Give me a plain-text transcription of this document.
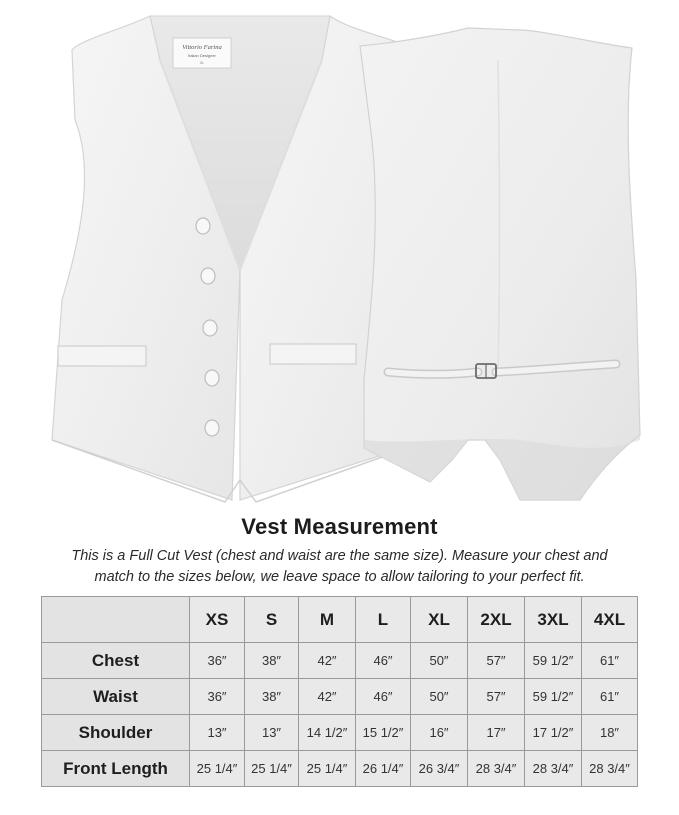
Vittorio Farina
Italian Designer
XL
Vest Measurement
This is a Full Cut Vest (chest and waist are the same size). Measure your chest and
match to the sizes below, we leave space to allow tailoring to your perfect fit.
	XS	S	M	L	XL	2XL	3XL	4XL
Chest	36″	38″	42″	46″	50″	57″	59 1/2″	61″
Waist	36″	38″	42″	46″	50″	57″	59 1/2″	61″
Shoulder	13″	13″	14 1/2″	15 1/2″	16″	17″	17 1/2″	18″
Front Length	25 1/4″	25 1/4″	25 1/4″	26 1/4″	26 3/4″	28 3/4″	28 3/4″	28 3/4″
